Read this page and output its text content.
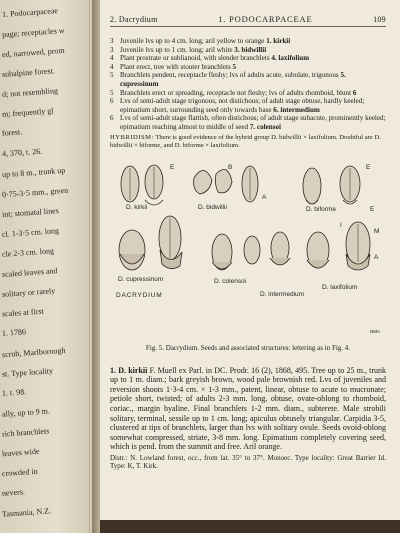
1. Podocarpaceae
page; receptacles w
ed, narrowed, prom
subalpine forest.
d; not resembling
m; frequently gl
forest.
4, 370, t. 26.
up to 8 m., trunk up
0·75-3·5 mm., green
int; stomatal lines
cl. 1-3·5 cm. long
cle 2-3 cm. long
scaled leaves and
solitary or rarely
scales at first
1. 1786
scrub, Marlborough
st. Type locality
1. t. 98.
ally, up to 9 m.
rich branchlets
leaves wide
crowded in
nevers.
Tasmania, N.Z.
2. Dacrydium	1. PODOCARPACEAE	109
3 Juvenile lvs up to 4 cm. long; aril yellow to orange 1. kirkii
3 Juvenile lvs up to 1 cm. long; aril white 3. bidwillii
4 Plant prostrate or sublianoid, with slender branchlets 4. laxifolium
4 Plant erect, tree with stouter branchlets 5
5 Branchlets pendent, receptacle fleshy; lvs of adults acute, subulate, trigonous 5. cupressinum
5 Branchlets erect or spreading, receptacle not fleshy; lvs of adults rhomboid, blunt 6
6 Lvs of semi-adult stage trigonous, not distichous; of adult stage obtuse, hardly keeled; epimatium short, surrounding seed only towards base 6. intermedium
6 Lvs of semi-adult stage flattish, often distichous; of adult stage subacute, prominently keeled; epimatium reaching almost to middle of seed 7. colensoi
HYBRIDISM: There is good evidence of the hybrid group D. bidwillii × laxifolium. Doubtful are D. bidwillii × biforme, and D. biforme × laxifolium.
D. kirkii	D. bidwillii	D. biforme
D. cupressinum	D. colensoi
D. intermedium
D. laxifolium
DACRYDIUM
E
A
B	E
M
A
E
I
NMA
Fig. 5. Dacrydium. Seeds and associated structures: lettering as in Fig. 4.
1. D. kirkii F. Muell ex Parl. in DC. Prodr. 16 (2), 1868, 495. Tree up to 25 m., trunk up to 1 m. diam.; bark greyish brown, wood pale brownish red. Lvs of juveniles and reversion shoots 1·3-4 cm. × 1-3 mm., patent, linear, obtuse to acute to mucronate; petiole short, twisted; of adults 2-3 mm. long, obtuse, ovate-oblong to rhomboid, coriac., margin hyaline. Final branchlets 1-2 mm. diam., subterete. Male strobili solitary, terminal, sessile up to 1 cm. long; apiculus obtusely triangular. Carpidia 3-5, clustered at tips of branchlets, larger than lvs with solitary ovule. Seeds ovoid-oblong somewhat compressed, striate, 3-8 mm. long. Epimatium completely covering seed, which is pend. from the summit and free. Aril orange.
Distr.: N. Lowland forest, occ., from lat. 35° to 37°. Monoec. Type locality: Great Barrier Id. Type: K, T. Kirk.
